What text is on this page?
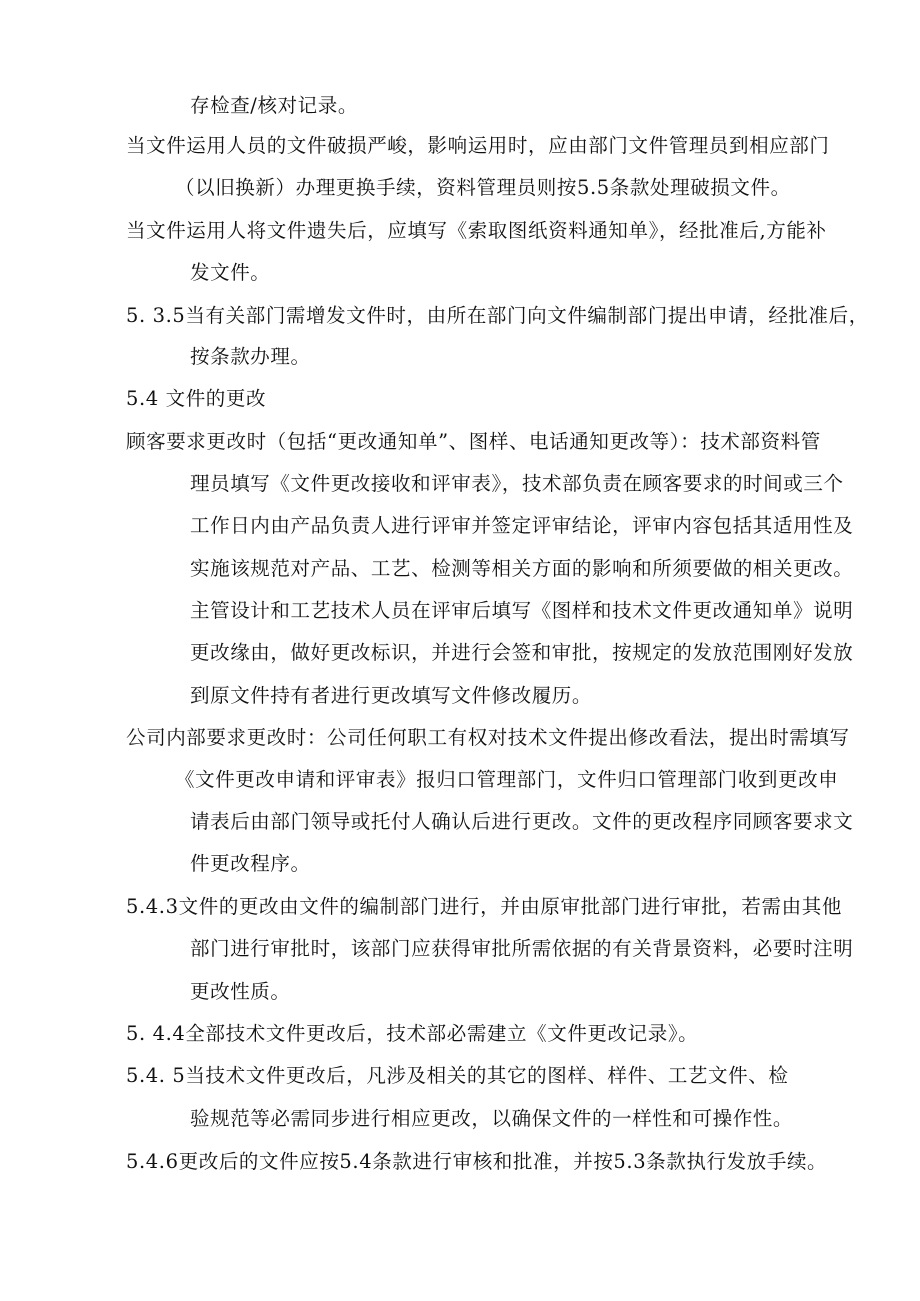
存检查/核对记录。
当文件运用人员的文件破损严峻，影响运用时，应由部门文件管理员到相应部门
（以旧换新）办理更换手续，资料管理员则按5.5条款处理破损文件。
当文件运用人将文件遗失后，应填写《索取图纸资料通知单》，经批准后,方能补
发文件。
5. 3.5当有关部门需增发文件时，由所在部门向文件编制部门提出申请，经批准后，
按条款办理。
5.4 文件的更改
顾客要求更改时（包括“更改通知单”、图样、电话通知更改等）：技术部资料管
理员填写《文件更改接收和评审表》，技术部负责在顾客要求的时间或三个
工作日内由产品负责人进行评审并签定评审结论，评审内容包括其适用性及
实施该规范对产品、工艺、检测等相关方面的影响和所须要做的相关更改。
主管设计和工艺技术人员在评审后填写《图样和技术文件更改通知单》说明
更改缘由，做好更改标识，并进行会签和审批，按规定的发放范围刚好发放
到原文件持有者进行更改填写文件修改履历。
公司内部要求更改时：公司任何职工有权对技术文件提出修改看法，提出时需填写
《文件更改申请和评审表》报归口管理部门，文件归口管理部门收到更改申
请表后由部门领导或托付人确认后进行更改。文件的更改程序同顾客要求文
件更改程序。
5.4.3文件的更改由文件的编制部门进行，并由原审批部门进行审批，若需由其他
部门进行审批时，该部门应获得审批所需依据的有关背景资料，必要时注明
更改性质。
5. 4.4全部技术文件更改后，技术部必需建立《文件更改记录》。
5.4. 5当技术文件更改后，凡涉及相关的其它的图样、样件、工艺文件、检
验规范等必需同步进行相应更改，以确保文件的一样性和可操作性。
5.4.6更改后的文件应按5.4条款进行审核和批准，并按5.3条款执行发放手续。
